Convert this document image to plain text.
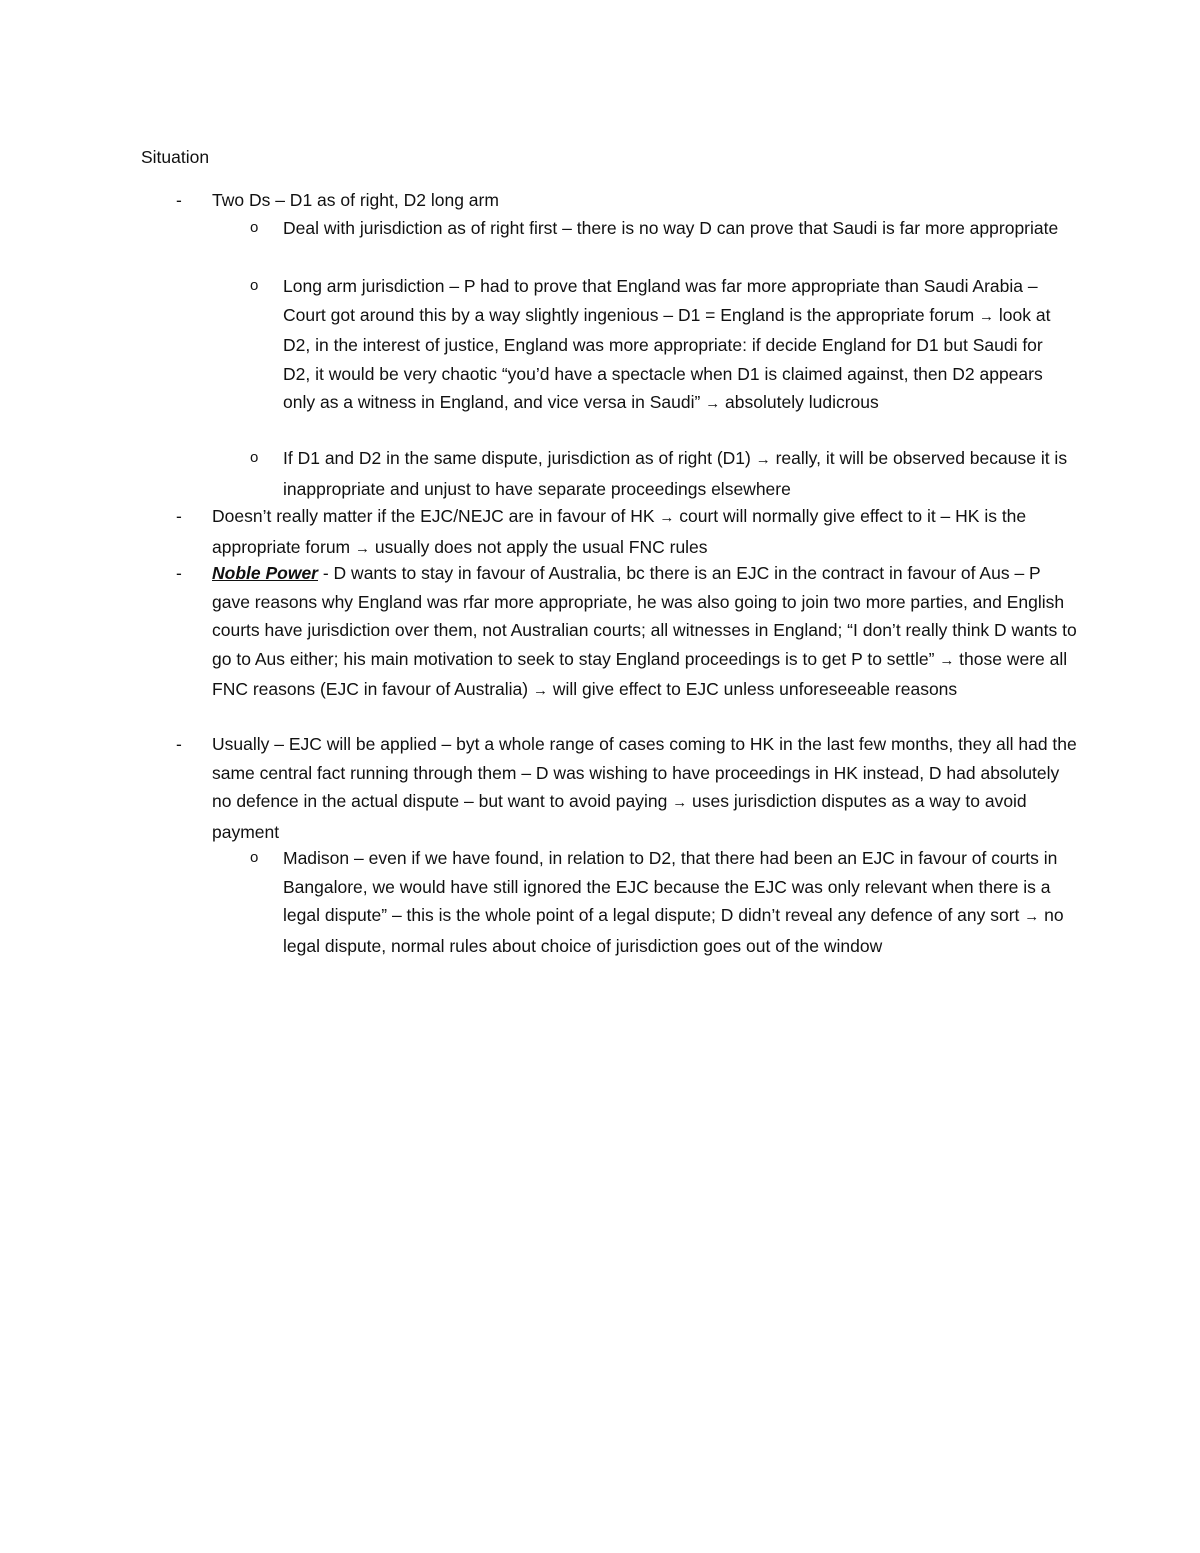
Situation
- Two Ds – D1 as of right, D2 long arm
o Deal with jurisdiction as of right first – there is no way D can prove that Saudi is far more appropriate
o Long arm jurisdiction – P had to prove that England was far more appropriate than Saudi Arabia – Court got around this by a way slightly ingenious – D1 = England is the appropriate forum → look at D2, in the interest of justice, England was more appropriate: if decide England for D1 but Saudi for D2, it would be very chaotic “you’d have a spectacle when D1 is claimed against, then D2 appears only as a witness in England, and vice versa in Saudi” → absolutely ludicrous
o If D1 and D2 in the same dispute, jurisdiction as of right (D1) → really, it will be observed because it is inappropriate and unjust to have separate proceedings elsewhere
- Doesn’t really matter if the EJC/NEJC are in favour of HK → court will normally give effect to it – HK is the appropriate forum → usually does not apply the usual FNC rules
- Noble Power - D wants to stay in favour of Australia, bc there is an EJC in the contract in favour of Aus – P gave reasons why England was rfar more appropriate, he was also going to join two more parties, and English courts have jurisdiction over them, not Australian courts; all witnesses in England; “I don’t really think D wants to go to Aus either; his main motivation to seek to stay England proceedings is to get P to settle” → those were all FNC reasons (EJC in favour of Australia) → will give effect to EJC unless unforeseeable reasons
- Usually – EJC will be applied – byt a whole range of cases coming to HK in the last few months, they all had the same central fact running through them – D was wishing to have proceedings in HK instead, D had absolutely no defence in the actual dispute – but want to avoid paying → uses jurisdiction disputes as a way to avoid payment
o Madison – even if we have found, in relation to D2, that there had been an EJC in favour of courts in Bangalore, we would have still ignored the EJC because the EJC was only relevant when there is a legal dispute” – this is the whole point of a legal dispute; D didn’t reveal any defence of any sort → no legal dispute, normal rules about choice of jurisdiction goes out of the window
